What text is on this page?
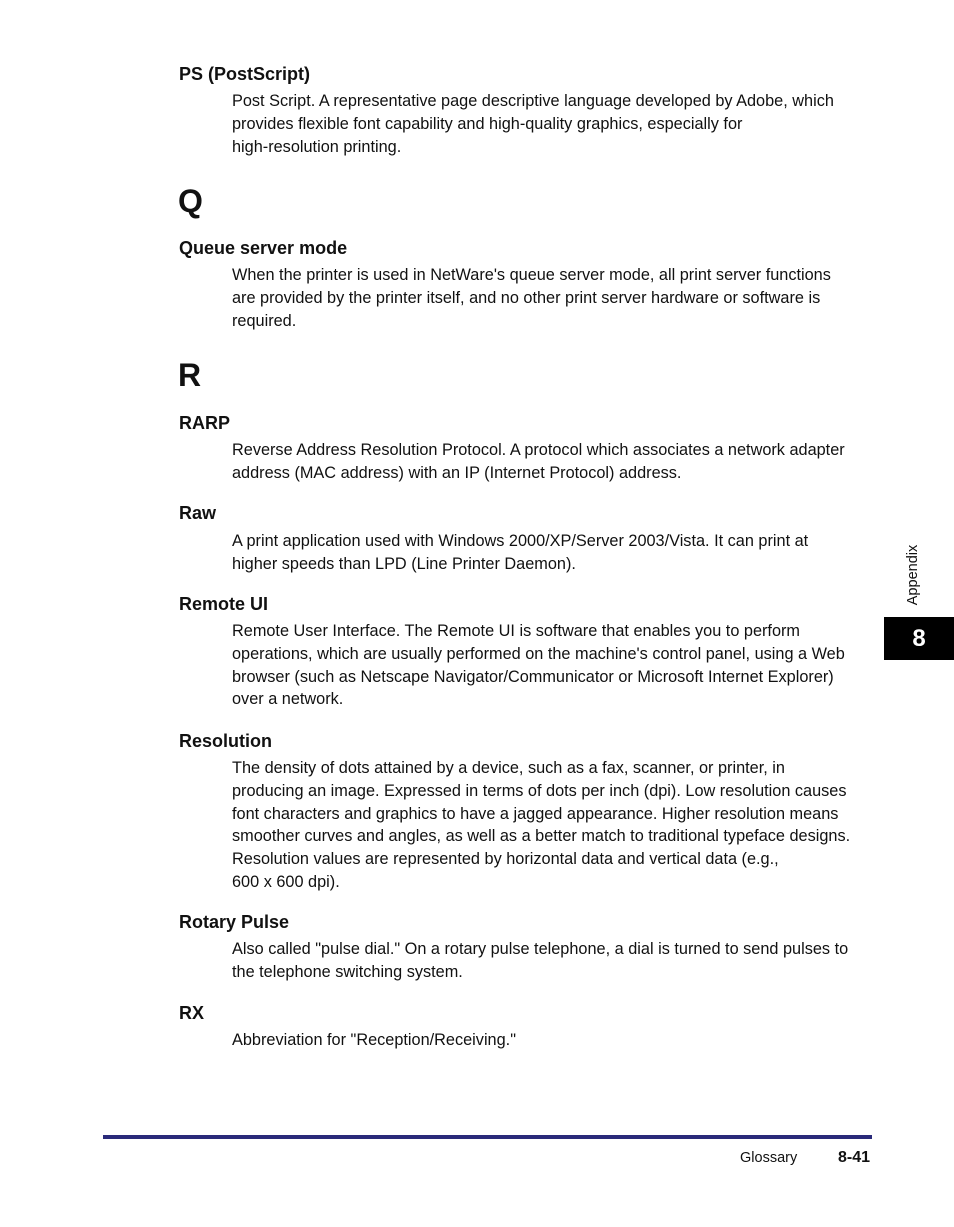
PS (PostScript)

Post Script. A representative page descriptive language developed by Adobe, which

provides flexible font capability and high-quality graphics, especially for

high-resolution printing.

Q
Queue server mode

When the printer is used in NetWare's queue server mode, all print server functions

are provided by the printer itself, and no other print server hardware or software is

required.

R
RARP

Reverse Address Resolution Protocol. A protocol which associates a network adapter

address (MAC address) with an IP (Internet Protocol) address.

Raw

A print application used with Windows 2000/XP/Server 2003/Vista. It can print at

higher speeds than LPD (Line Printer Daemon).

Remote UI

Remote User Interface. The Remote UI is software that enables you to perform

operations, which are usually performed on the machine's control panel, using a Web

browser (such as Netscape Navigator/Communicator or Microsoft Internet Explorer)

over a network.

Resolution

The density of dots attained by a device, such as a fax, scanner, or printer, in

producing an image. Expressed in terms of dots per inch (dpi). Low resolution causes

font characters and graphics to have a jagged appearance. Higher resolution means

smoother curves and angles, as well as a better match to traditional typeface designs.

Resolution values are represented by horizontal data and vertical data (e.g.,

600 x 600 dpi).

Rotary Pulse

Also called "pulse dial." On a rotary pulse telephone, a dial is turned to send pulses to

the telephone switching system.

RX

Abbreviation for "Reception/Receiving."

Appendix
8
Glossary	8-41
